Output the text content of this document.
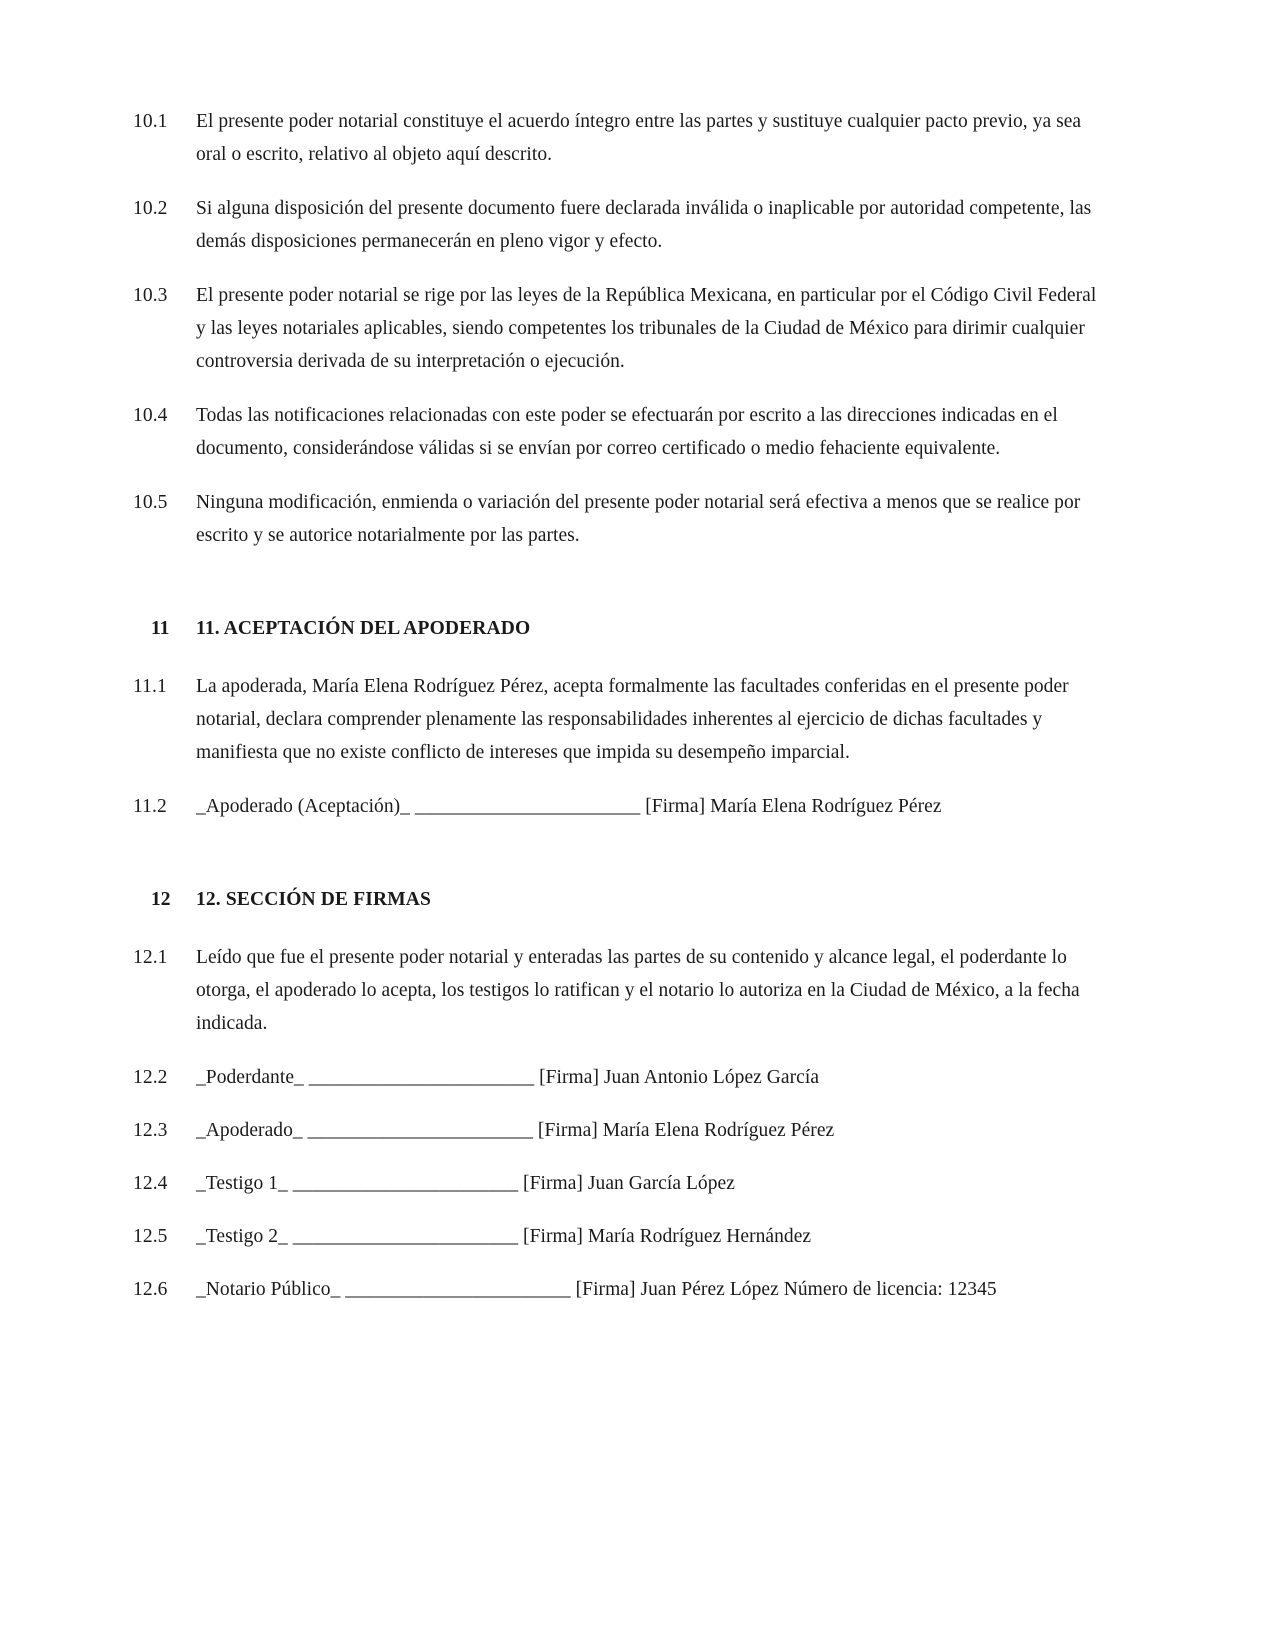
10.1	El presente poder notarial constituye el acuerdo íntegro entre las partes y sustituye cualquier pacto previo, ya sea oral o escrito, relativo al objeto aquí descrito.
10.2	Si alguna disposición del presente documento fuere declarada inválida o inaplicable por autoridad competente, las demás disposiciones permanecerán en pleno vigor y efecto.
10.3	El presente poder notarial se rige por las leyes de la República Mexicana, en particular por el Código Civil Federal y las leyes notariales aplicables, siendo competentes los tribunales de la Ciudad de México para dirimir cualquier controversia derivada de su interpretación o ejecución.
10.4	Todas las notificaciones relacionadas con este poder se efectuarán por escrito a las direcciones indicadas en el documento, considerándose válidas si se envían por correo certificado o medio fehaciente equivalente.
10.5	Ninguna modificación, enmienda o variación del presente poder notarial será efectiva a menos que se realice por escrito y se autorice notarialmente por las partes.
11	11. ACEPTACIÓN DEL APODERADO
11.1	La apoderada, María Elena Rodríguez Pérez, acepta formalmente las facultades conferidas en el presente poder notarial, declara comprender plenamente las responsabilidades inherentes al ejercicio de dichas facultades y manifiesta que no existe conflicto de intereses que impida su desempeño imparcial.
11.2	_Apoderado (Aceptación)_ _______________________ [Firma] María Elena Rodríguez Pérez
12	12. SECCIÓN DE FIRMAS
12.1	Leído que fue el presente poder notarial y enteradas las partes de su contenido y alcance legal, el poderdante lo otorga, el apoderado lo acepta, los testigos lo ratifican y el notario lo autoriza en la Ciudad de México, a la fecha indicada.
12.2	_Poderdante_ _______________________ [Firma] Juan Antonio López García
12.3	_Apoderado_ _______________________ [Firma] María Elena Rodríguez Pérez
12.4	_Testigo 1_ _______________________ [Firma] Juan García López
12.5	_Testigo 2_ _______________________ [Firma] María Rodríguez Hernández
12.6	_Notario Público_ _______________________ [Firma] Juan Pérez López Número de licencia: 12345
